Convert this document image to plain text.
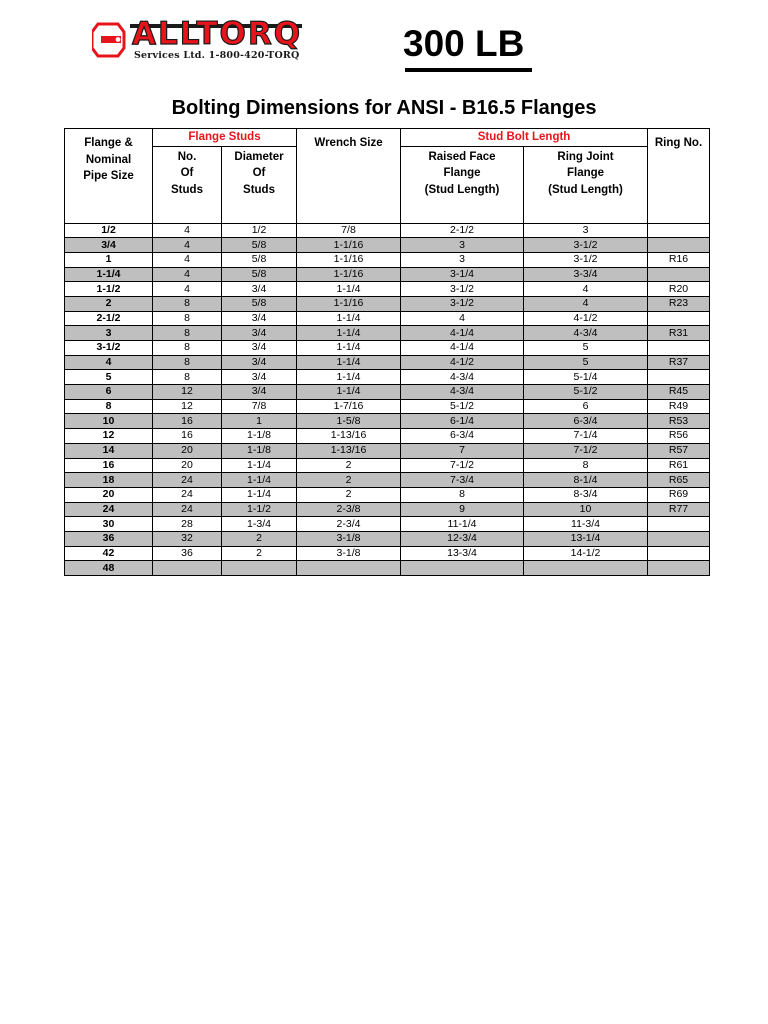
ALLTORQ
Services Ltd. 1-800-420-TORQ	300 LB
Bolting Dimensions for ANSI - B16.5 Flanges
Flange &
Nominal
Pipe Size	Flange Studs		Wrench Size	Stud Bolt Length		Ring No.

	No.
Of
Studs	Diameter
Of
Studs		Raised Face
Flange
(Stud Length)	Ring Joint
Flange
(Stud Length)	

1/2	4	1/2	7/8	2-1/2	3	
3/4	4	5/8	1-1/16	3	3-1/2	
1	4	5/8	1-1/16	3	3-1/2	R16
1-1/4	4	5/8	1-1/16	3-1/4	3-3/4	
1-1/2	4	3/4	1-1/4	3-1/2	4	R20
2	8	5/8	1-1/16	3-1/2	4	R23
2-1/2	8	3/4	1-1/4	4	4-1/2	
3	8	3/4	1-1/4	4-1/4	4-3/4	R31
3-1/2	8	3/4	1-1/4	4-1/4	5	
4	8	3/4	1-1/4	4-1/2	5	R37
5	8	3/4	1-1/4	4-3/4	5-1/4	
6	12	3/4	1-1/4	4-3/4	5-1/2	R45
8	12	7/8	1-7/16	5-1/2	6	R49
10	16	1	1-5/8	6-1/4	6-3/4	R53
12	16	1-1/8	1-13/16	6-3/4	7-1/4	R56
14	20	1-1/8	1-13/16	7	7-1/2	R57
16	20	1-1/4	2	7-1/2	8	R61
18	24	1-1/4	2	7-3/4	8-1/4	R65
20	24	1-1/4	2	8	8-3/4	R69
24	24	1-1/2	2-3/8	9	10	R77
30	28	1-3/4	2-3/4	11-1/4	11-3/4	
36	32	2	3-1/8	12-3/4	13-1/4	
42	36	2	3-1/8	13-3/4	14-1/2	
48						
